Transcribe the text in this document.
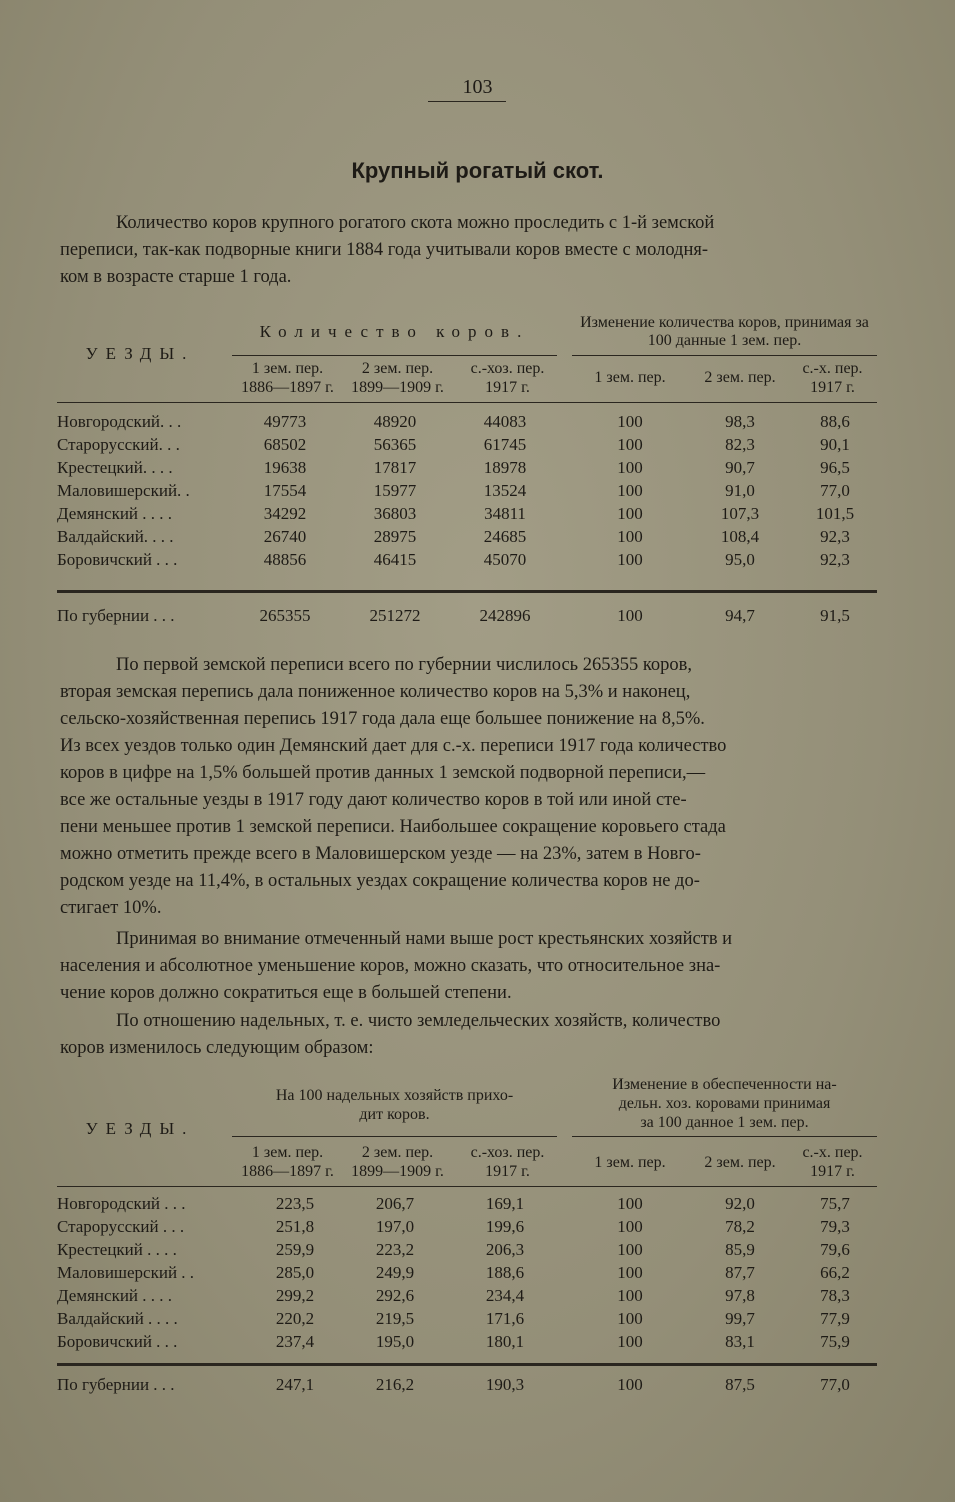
103
Крупный рогатый скот.

Количество коров крупного рогатого скота можно проследить с 1-й земской
переписи, так-как подворные книги 1884 года учитывали коров вместе с молодня-
ком в возрасте старше 1 года.

УЕЗДЫ.
Количество коров.	Изменение количества коров, принимая за 100 данные 1 зем. пер.
1 зем. пер.
1886—1897 г.
2 зем. пер.
1899—1909 г.
с.-хоз. пер.
1917 г.
1 зем. пер.	2 зем. пер.
с.-х. пер.
1917 г.
Новгородский. . .	49773	48920	44083	100	98,3	88,6
Старорусский. . .	68502	56365	61745	100	82,3	90,1
Крестецкий. . . .	19638	17817	18978	100	90,7	96,5
Маловишерский. .	17554	15977	13524	100	91,0	77,0
Демянский . . . .	34292	36803	34811	100	107,3	101,5
Валдайский. . . .	26740	28975	24685	100	108,4	92,3
Боровичский . . .	48856	46415	45070	100	95,0	92,3
По губернии . . .	265355	251272	242896	100	94,7	91,5

По первой земской переписи всего по губернии числилось 265355 коров,
вторая земская перепись дала пониженное количество коров на 5,3% и наконец,
сельско-хозяйственная перепись 1917 года дала еще большее понижение на 8,5%.
Из всех уездов только один Демянский дает для с.-х. переписи 1917 года количество
коров в цифре на 1,5% большей против данных 1 земской подворной переписи,—
все же остальные уезды в 1917 году дают количество коров в той или иной сте-
пени меньшее против 1 земской переписи. Наибольшее сокращение коровьего стада
можно отметить прежде всего в Маловишерском уезде — на 23%, затем в Новго-
родском уезде на 11,4%, в остальных уездах сокращение количества коров не до-
стигает 10%.

Принимая во внимание отмеченный нами выше рост крестьянских хозяйств и
населения и абсолютное уменьшение коров, можно сказать, что относительное зна-
чение коров должно сократиться еще в большей степени.

По отношению надельных, т. е. чисто земледельческих хозяйств, количество
коров изменилось следующим образом:

УЕЗДЫ.
На 100 надельных хозяйств прихо-
дит коров.
Изменение в обеспеченности на-
дельн. хоз. коровами принимая
за 100 данное 1 зем. пер.
1 зем. пер.
1886—1897 г.
2 зем. пер.
1899—1909 г.
с.-хоз. пер.
1917 г.
1 зем. пер.	2 зем. пер.
с.-х. пер.
1917 г.
Новгородский . . .	223,5	206,7	169,1	100	92,0	75,7
Старорусский . . .	251,8	197,0	199,6	100	78,2	79,3
Крестецкий . . . .	259,9	223,2	206,3	100	85,9	79,6
Маловишерский . .	285,0	249,9	188,6	100	87,7	66,2
Демянский . . . .	299,2	292,6	234,4	100	97,8	78,3
Валдайский . . . .	220,2	219,5	171,6	100	99,7	77,9
Боровичский . . .	237,4	195,0	180,1	100	83,1	75,9
По губернии . . .	247,1	216,2	190,3	100	87,5	77,0
